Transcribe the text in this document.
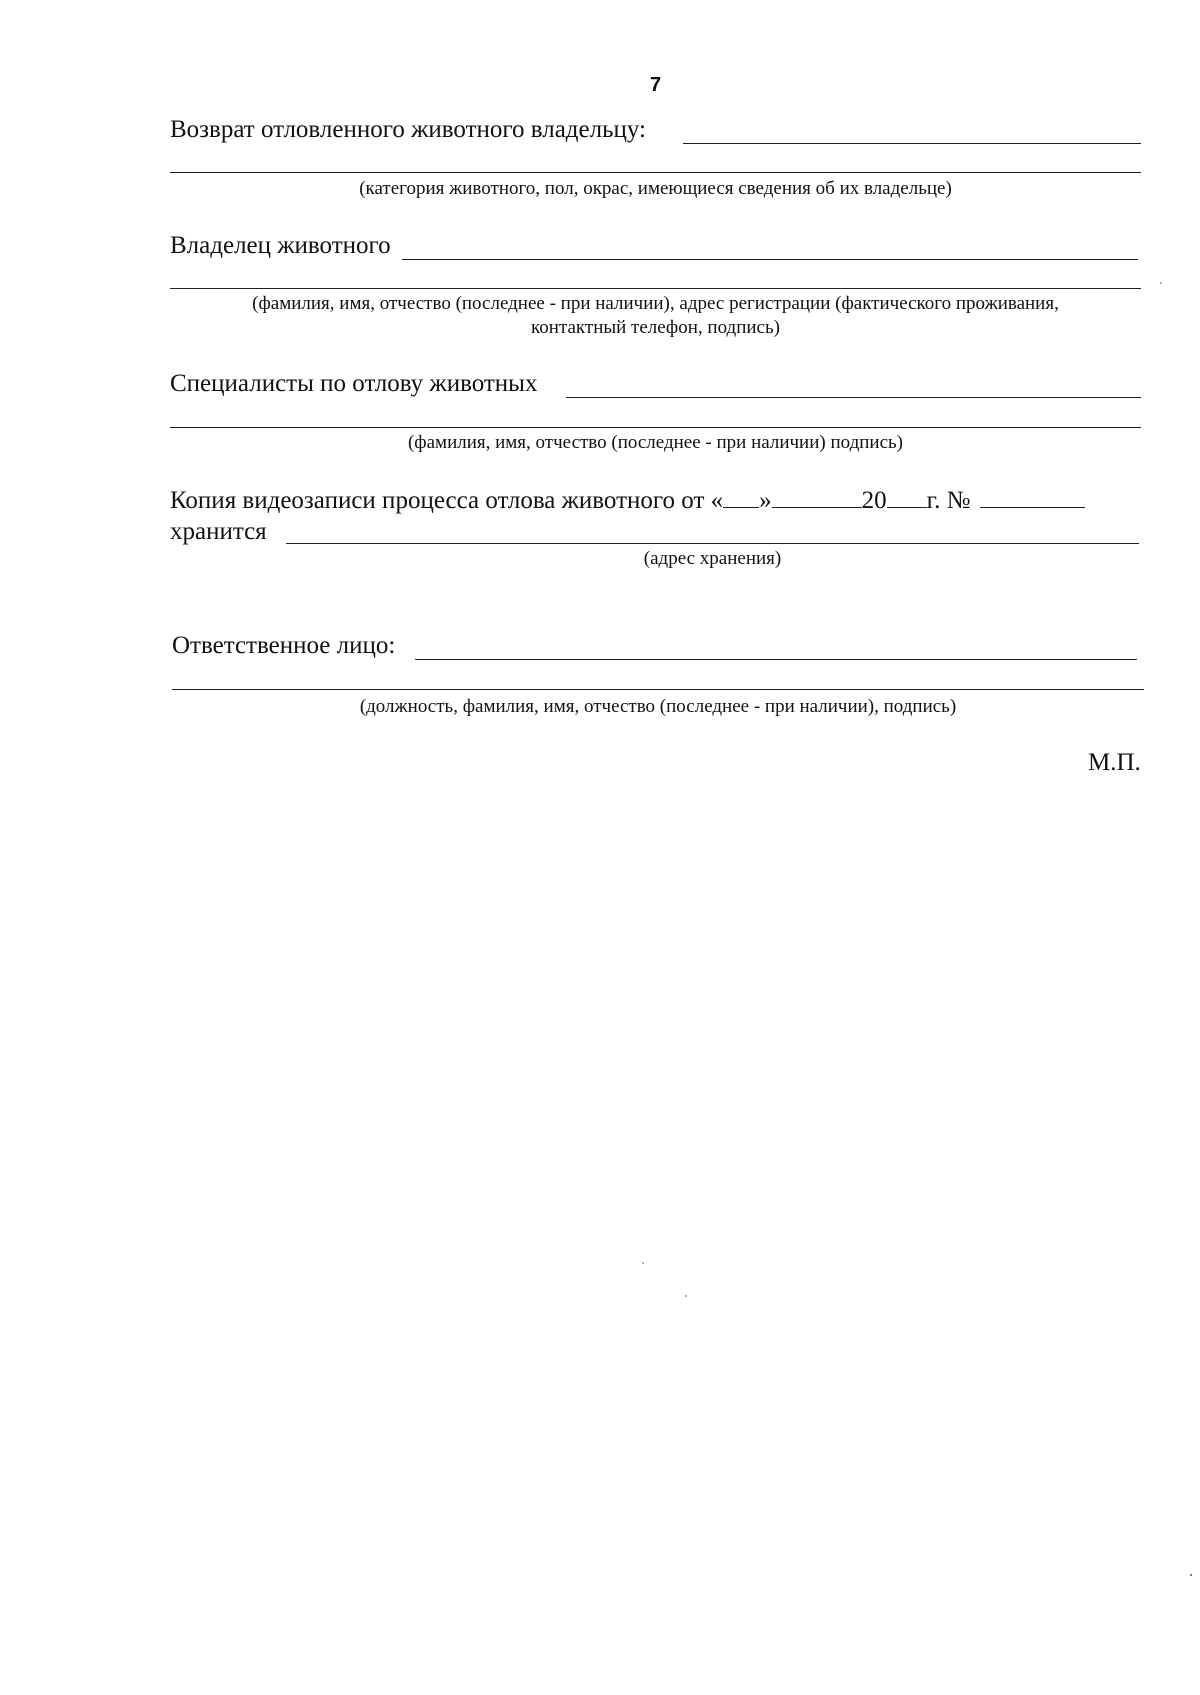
7
Возврат отловленного животного владельцу:
(категория животного, пол, окрас, имеющиеся сведения об их владельце)
Владелец животного
(фамилия, имя, отчество (последнее - при наличии), адрес регистрации (фактического проживания,
контактный телефон, подпись)
Специалисты по отлову животных
(фамилия, имя, отчество (последнее - при наличии) подпись)
Копия видеозаписи процесса отлова животного от « »	20 г. №
хранится
(адрес хранения)
Ответственное лицо:
(должность, фамилия, имя, отчество (последнее - при наличии), подпись)
М.П.
